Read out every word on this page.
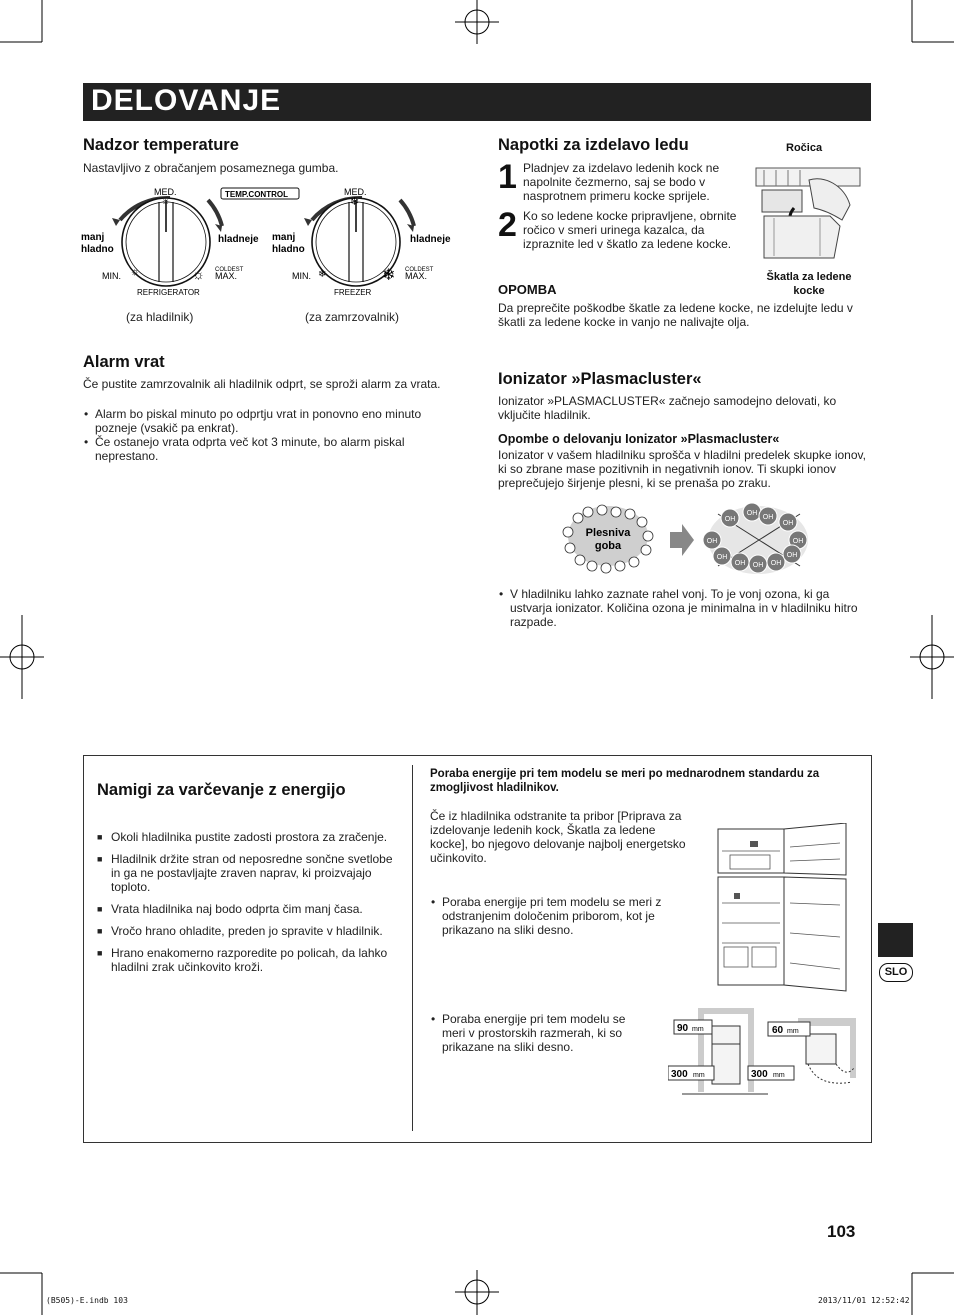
DELOVANJE
Nadzor temperature
Nastavljivo z obračanjem posameznega gumba.
MED.
☼
manj hladno
hladneje
MIN. ☼	☼ COLDEST
MAX.
REFRIGERATOR
TEMP.CONTROL	MED.
❄
manj hladno
hladneje
MIN. ❄	❄ COLDEST
MAX.
FREEZER
(za hladilnik)	(za zamrzovalnik)
Alarm vrat
Če pustite zamrzovalnik ali hladilnik odprt, se sproži alarm za vrata.
• Alarm bo piskal minuto po odprtju vrat in ponovno eno minuto pozneje (vsakič pa enkrat).
• Če ostanejo vrata odprta več kot 3 minute, bo alarm piskal neprestano.
Napotki za izdelavo ledu
1 Pladnjev za izdelavo ledenih kock ne napolnite čezmerno, saj se bodo v nasprotnem primeru kocke sprijele.
2 Ko so ledene kocke pripravljene, obrnite ročico v smeri urinega kazalca, da izpraznite led v škatlo za ledene kocke.
Ročica
Škatla za ledene kocke
OPOMBA
Da preprečite poškodbe škatle za ledene kocke, ne izdelujte ledu v škatli za ledene kocke in vanjo ne nalivajte olja.
Ionizator »Plasmacluster«
Ionizator »PLASMACLUSTER« začnejo samodejno delovati, ko vključite hladilnik.
Opombe o delovanju Ionizator »Plasmacluster«
Ionizator v vašem hladilniku sprošča v hladilni predelek skupke ionov, ki so zbrane mase pozitivnih in negativnih ionov. Ti skupki ionov preprečujejo širjenje plesni, ki se prenaša po zraku.
Plesniva
goba
OH
OH
OH
OH
OH	OH
OH
OH OH OH
OH
• V hladilniku lahko zaznate rahel vonj. To je vonj ozona, ki ga ustvarja ionizator. Količina ozona je minimalna in v hladilniku hitro razpade.
Namigi za varčevanje z energijo
■ Okoli hladilnika pustite zadosti prostora za zračenje.
■ Hladilnik držite stran od neposredne sončne svetlobe in ga ne postavljajte zraven naprav, ki proizvajajo toploto.
■ Vrata hladilnika naj bodo odprta čim manj časa.
■ Vročo hrano ohladite, preden jo spravite v hladilnik.
■ Hrano enakomerno razporedite po policah, da lahko hladilni zrak učinkovito kroži.
Poraba energije pri tem modelu se meri po mednarodnem standardu za zmogljivost hladilnikov.
Če iz hladilnika odstranite ta pribor [Priprava za izdelovanje ledenih kock, Škatla za ledene kocke], bo njegovo delovanje najbolj energetsko učinkovito.
• Poraba energije pri tem modelu se meri z odstranjenim določenim priborom, kot je prikazano na sliki desno.
• Poraba energije pri tem modelu se meri v prostorskih razmerah, ki so prikazane na sliki desno.
90 mm
300 mm	300 mm
60 mm
SLO
103
(B505)-E.indb 103	2013/11/01 12:52:42
